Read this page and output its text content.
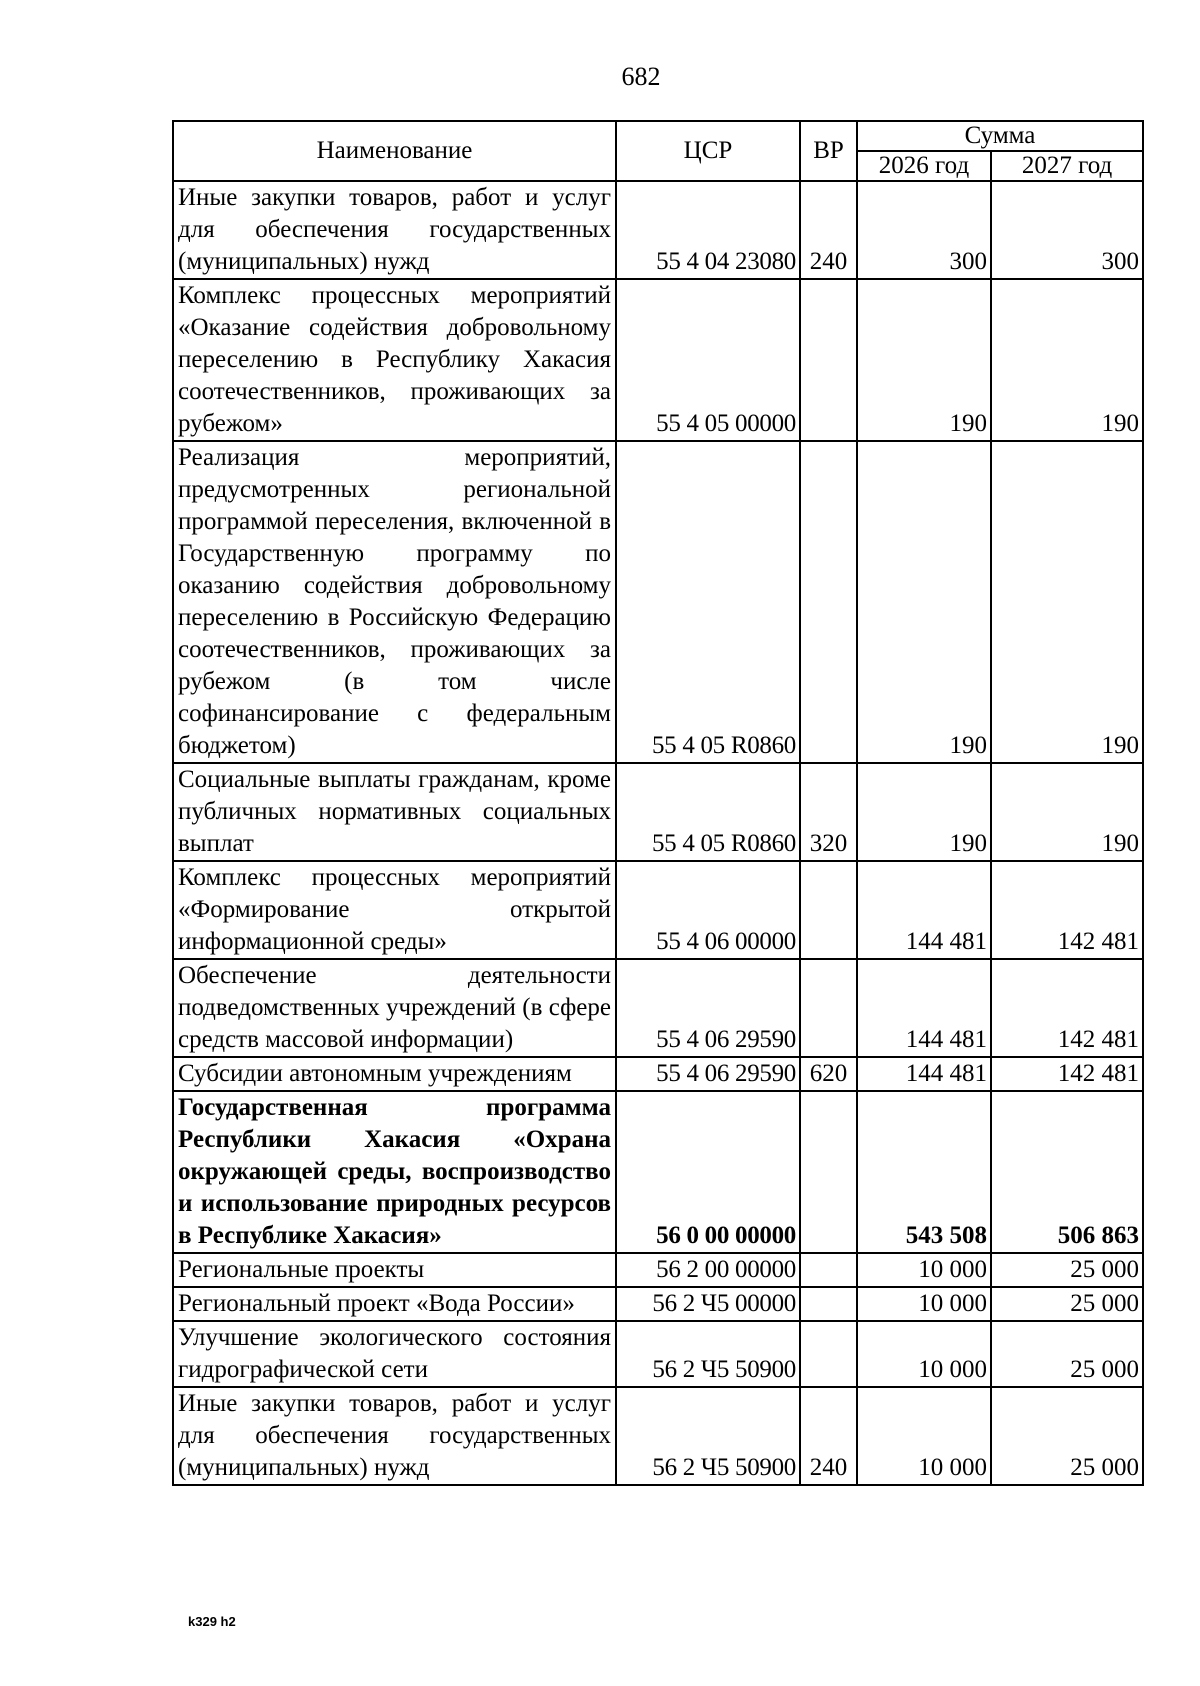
682
Наименование	ЦСР	ВР	Сумма	
			2026 год	2027 год
Иные закупки товаров, работ и услуг для обеспечения государственных (муниципальных) нужд	55 4 04 23080	240	300	300
Комплекс процессных мероприятий «Оказание содействия добровольному переселению в Республику Хакасия соотечественников, проживающих за рубежом»	55 4 05 00000		190	190
Реализация мероприятий, предусмотренных региональной программой переселения, включенной в Государственную программу по оказанию содействия добровольному переселению в Российскую Федерацию соотечественников, проживающих за рубежом (в том числе софинансирование с федеральным бюджетом)	55 4 05 R0860		190	190
Социальные выплаты гражданам, кроме публичных нормативных социальных выплат	55 4 05 R0860	320	190	190
Комплекс процессных мероприятий «Формирование открытой информационной среды»	55 4 06 00000		144 481	142 481
Обеспечение деятельности подведомственных учреждений (в сфере средств массовой информации)	55 4 06 29590		144 481	142 481
Субсидии автономным учреждениям	55 4 06 29590	620	144 481	142 481
Государственная программа Республики Хакасия «Охрана окружающей среды, воспроизводство и использование природных ресурсов в Республике Хакасия»	56 0 00 00000		543 508	506 863
Региональные проекты	56 2 00 00000		10 000	25 000
Региональный проект «Вода России»	56 2 Ч5 00000		10 000	25 000
Улучшение экологического состояния гидрографической сети	56 2 Ч5 50900		10 000	25 000
Иные закупки товаров, работ и услуг для обеспечения государственных (муниципальных) нужд	56 2 Ч5 50900	240	10 000	25 000
k329 h2
